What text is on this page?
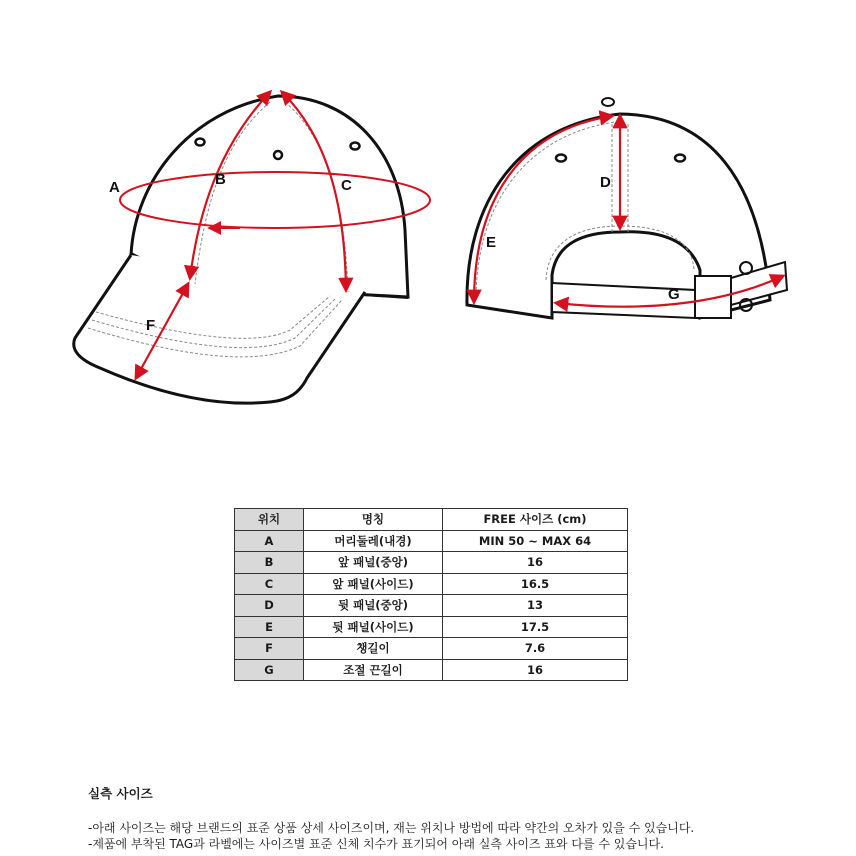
A	B	C
F
D
E
G
위치	명칭	FREE 사이즈 (cm)
A	머리둘레(내경)	MIN 50 ~ MAX 64
B	앞 패널(중앙)	16
C	앞 패널(사이드)	16.5
D	뒷 패널(중앙)	13
E	뒷 패널(사이드)	17.5
F	챙길이	7.6
G	조절 끈길이	16
실측 사이즈
-아래 사이즈는 해당 브랜드의 표준 상품 상세 사이즈이며, 재는 위치나 방법에 따라 약간의 오차가 있을 수 있습니다.
-제품에 부착된 TAG과 라벨에는 사이즈별 표준 신체 치수가 표기되어 아래 실측 사이즈 표와 다를 수 있습니다.
